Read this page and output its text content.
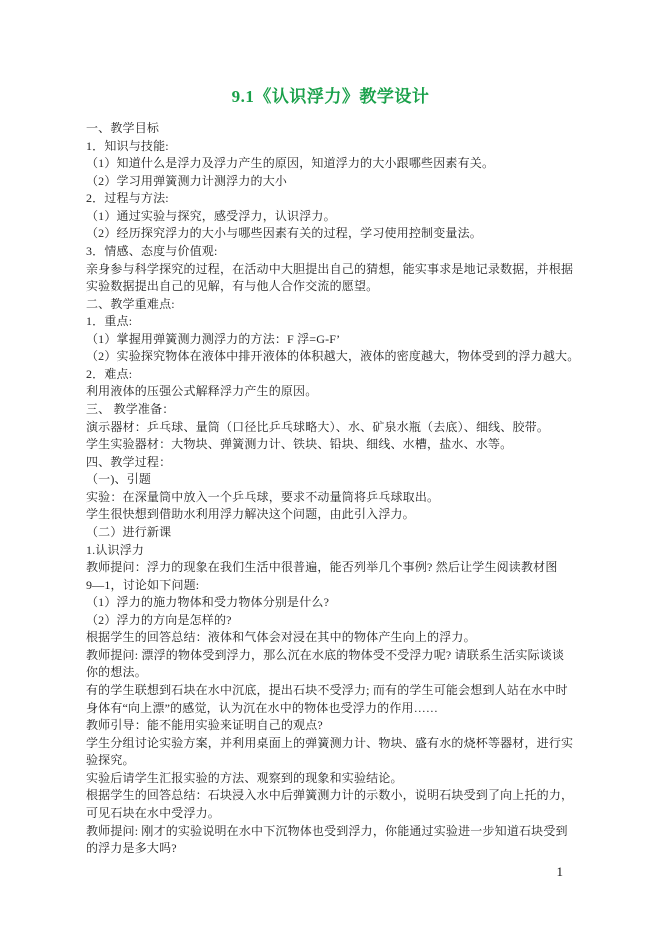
9.1《认识浮力》教学设计
一、教学目标
1．知识与技能:
（1）知道什么是浮力及浮力产生的原因，知道浮力的大小跟哪些因素有关。
（2）学习用弹簧测力计测浮力的大小
2．过程与方法:
（1）通过实验与探究，感受浮力，认识浮力。
（2）经历探究浮力的大小与哪些因素有关的过程，学习使用控制变量法。
3．情感、态度与价值观:
亲身参与科学探究的过程，在活动中大胆提出自己的猜想，能实事求是地记录数据，并根据
实验数据提出自己的见解，有与他人合作交流的愿望。
二、教学重难点:
1．重点:
（1）掌握用弹簧测力测浮力的方法：F 浮=G-F’
（2）实验探究物体在液体中排开液体的体积越大，液体的密度越大，物体受到的浮力越大。
2．难点:
利用液体的压强公式解释浮力产生的原因。
三、 教学准备：
演示器材：乒乓球、量筒（口径比乒乓球略大）、水、矿泉水瓶（去底）、细线、胶带。
学生实验器材：大物块、弹簧测力计、铁块、铅块、细线、水槽，盐水、水等。
四、教学过程：
（一)、引题
实验：在深量筒中放入一个乒乓球，要求不动量筒将乒乓球取出。
学生很快想到借助水利用浮力解决这个问题，由此引入浮力。
（二）进行新课
1.认识浮力
教师提问：浮力的现象在我们生活中很普遍，能否列举几个事例? 然后让学生阅读教材图
9—1，讨论如下问题:
（1）浮力的施力物体和受力物体分别是什么?
（2）浮力的方向是怎样的?
根据学生的回答总结：液体和气体会对浸在其中的物体产生向上的浮力。
教师提问: 漂浮的物体受到浮力，那么沉在水底的物体受不受浮力呢? 请联系生活实际谈谈
你的想法。
有的学生联想到石块在水中沉底，提出石块不受浮力; 而有的学生可能会想到人站在水中时
身体有“向上漂”的感觉，认为沉在水中的物体也受浮力的作用……
教师引导：能不能用实验来证明自己的观点?
学生分组讨论实验方案，并利用桌面上的弹簧测力计、物块、盛有水的烧杯等器材，进行实
验探究。
实验后请学生汇报实验的方法、观察到的现象和实验结论。
根据学生的回答总结：石块浸入水中后弹簧测力计的示数小，说明石块受到了向上托的力，
可见石块在水中受浮力。
教师提问: 刚才的实验说明在水中下沉物体也受到浮力，你能通过实验进一步知道石块受到
的浮力是多大吗?
1
